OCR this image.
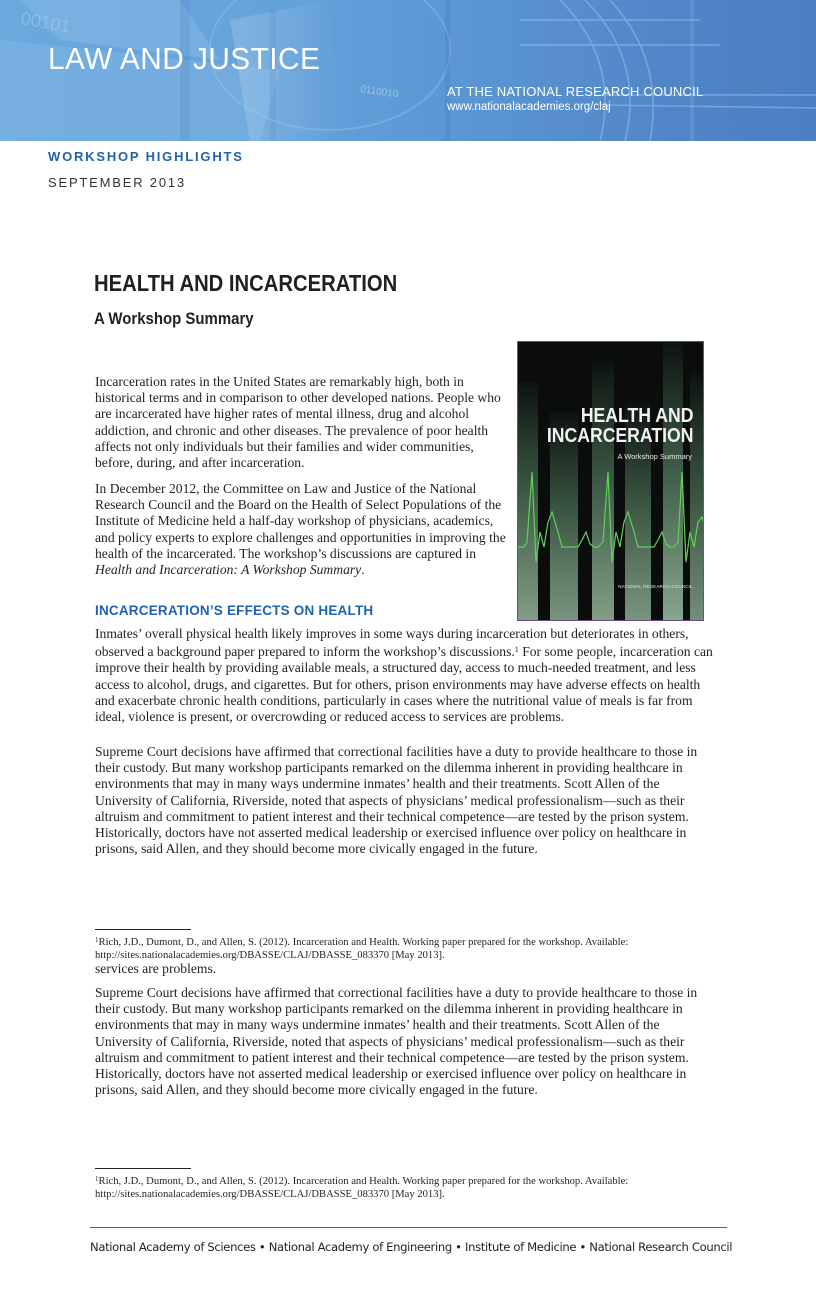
0110010
00101
LAW AND JUSTICE
AT THE NATIONAL RESEARCH COUNCIL
www.nationalacademies.org/claj
WORKSHOP HIGHLIGHTS
SEPTEMBER 2013
HEALTH AND INCARCERATION
A Workshop Summary
HEALTH AND
INCARCERATION
A Workshop Summary
NATIONAL RESEARCH COUNCIL

Incarceration rates in the United States are remarkably high, both in historical terms and in comparison to other developed nations. People who are incarcerated have higher rates of mental illness, drug and alcohol addiction, and chronic and other diseases. The prevalence of poor health affects not only individuals but their families and wider communities, before, during, and after incarceration.

In December 2012, the Committee on Law and Justice of the National Research Council and the Board on the Health of Select Populations of the Institute of Medicine held a half-day workshop of physicians, academics, and policy experts to explore challenges and opportunities in improving the health of the incarcerated. The workshop’s discussions are captured in Health and Incarceration: A Workshop Summary.

INCARCERATION’S EFFECTS ON HEALTH

Inmates’ overall physical health likely improves in some ways during incarceration but deteriorates in others, observed a background paper prepared to inform the workshop’s discussions.$^1$ For some people, incarceration can improve their health by providing available meals, a structured day, access to much-needed treatment, and less access to alcohol, drugs, and cigarettes. But for others, prison environments may have adverse effects on health and exacerbate chronic health conditions, particularly in cases where the nutritional value of meals is far from ideal, violence is present, or overcrowding or reduced access to services are problems.

Supreme Court decisions have affirmed that correctional facilities have a duty to provide healthcare to those in their custody. But many workshop participants remarked on the dilemma inherent in providing healthcare in environments that may in many ways undermine inmates’ health and their treatments. Scott Allen of the University of California, Riverside, noted that aspects of physicians’ medical professionalism—such as their altruism and commitment to patient interest and their technical competence—are tested by the prison system. Historically, doctors have not asserted medical leadership or exercised influence over policy on healthcare in prisons, said Allen, and they should become more civically engaged in the future.

$^1$Rich, J.D., Dumont, D., and Allen, S. (2012). Incarceration and Health. Working paper prepared for the workshop. Available: http://sites.nationalacademies.org/DBASSE/CLAJ/DBASSE_083370 [May 2013].

services are problems.

Supreme Court decisions have affirmed that correctional facilities have a duty to provide healthcare to those in their custody. But many workshop participants remarked on the dilemma inherent in providing healthcare in environments that may in many ways undermine inmates’ health and their treatments. Scott Allen of the University of California, Riverside, noted that aspects of physicians’ medical professionalism—such as their altruism and commitment to patient interest and their technical competence—are tested by the prison system. Historically, doctors have not asserted medical leadership or exercised influence over policy on healthcare in prisons, said Allen, and they should become more civically engaged in the future.

$^1$Rich, J.D., Dumont, D., and Allen, S. (2012). Incarceration and Health. Working paper prepared for the workshop. Available: http://sites.nationalacademies.org/DBASSE/CLAJ/DBASSE_083370 [May 2013].

National Academy of Sciences • National Academy of Engineering • Institute of Medicine • National Research Council
